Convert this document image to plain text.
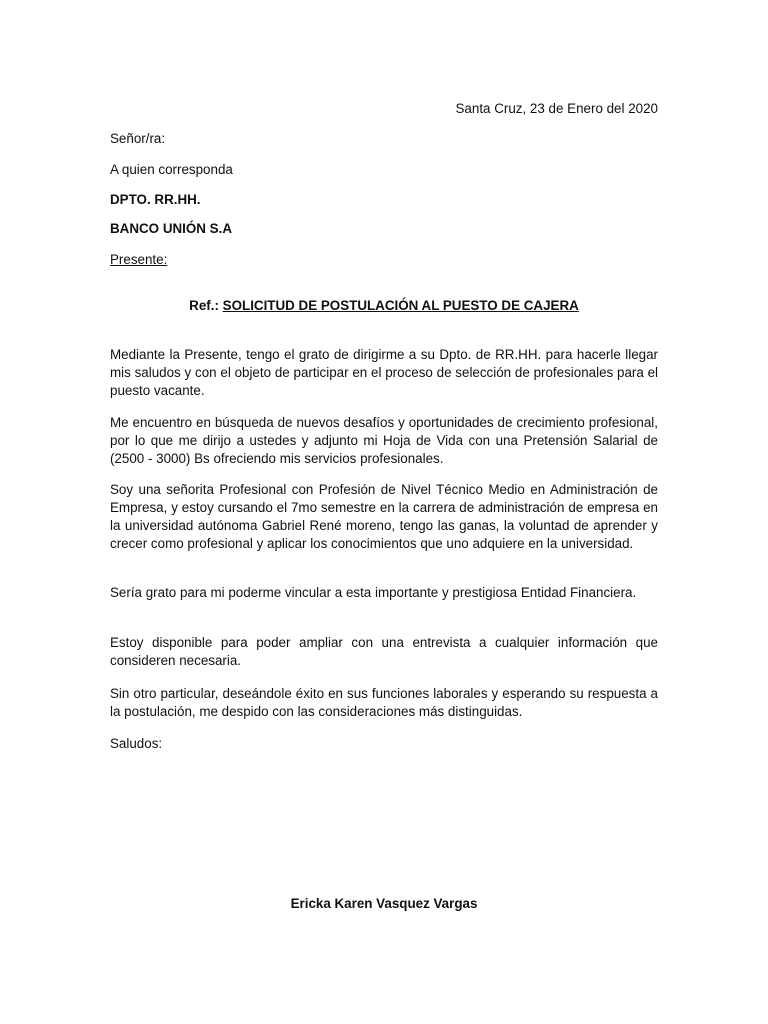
Santa Cruz, 23 de Enero del 2020
Señor/ra:
A quien corresponda
DPTO. RR.HH.
BANCO UNIÓN S.A
Presente:
Ref.: SOLICITUD DE POSTULACIÓN AL PUESTO DE CAJERA
Mediante la Presente, tengo el grato de dirigirme a su Dpto. de RR.HH. para hacerle llegar mis saludos y con el objeto de participar en el proceso de selección de profesionales para el puesto vacante.
Me encuentro en búsqueda de nuevos desafíos y oportunidades de crecimiento profesional, por lo que me dirijo a ustedes y adjunto mi Hoja de Vida con una Pretensión Salarial de (2500 - 3000) Bs ofreciendo mis servicios profesionales.
Soy una señorita Profesional con Profesión de Nivel Técnico Medio en Administración de Empresa, y estoy cursando el 7mo semestre en la carrera de administración de empresa en la universidad autónoma Gabriel René moreno, tengo las ganas, la voluntad de aprender y crecer como profesional y aplicar los conocimientos que uno adquiere en la universidad.
Sería grato para mi poderme vincular a esta importante y prestigiosa Entidad Financiera.
Estoy disponible para poder ampliar con una entrevista a cualquier información que consideren necesaria.
Sin otro particular, deseándole éxito en sus funciones laborales y esperando su respuesta a la postulación, me despido con las consideraciones más distinguidas.
Saludos:
Ericka Karen Vasquez Vargas
